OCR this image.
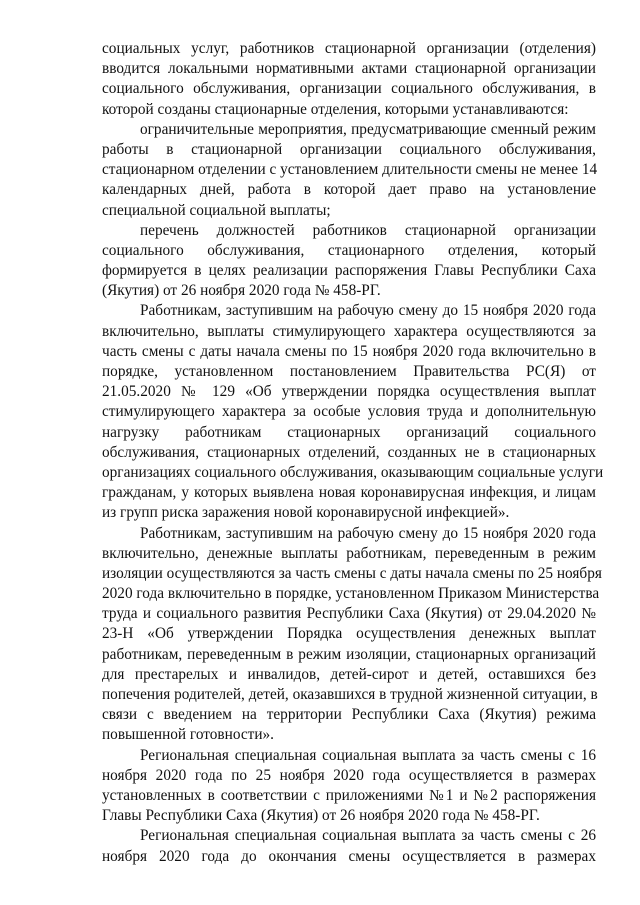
социальных услуг, работников стационарной организации (отделения)
вводится локальными нормативными актами стационарной организации
социального обслуживания, организации социального обслуживания, в
которой созданы стационарные отделения, которыми устанавливаются:

ограничительные мероприятия, предусматривающие сменный режим
работы в стационарной организации социального обслуживания,
стационарном отделении с установлением длительности смены не менее 14
календарных дней, работа в которой дает право на установление
специальной социальной выплаты;

перечень должностей работников стационарной организации
социального обслуживания, стационарного отделения, который
формируется в целях реализации распоряжения Главы Республики Саха
(Якутия) от 26 ноября 2020 года № 458-РГ.

Работникам, заступившим на рабочую смену до 15 ноября 2020 года
включительно, выплаты стимулирующего характера осуществляются за
часть смены с даты начала смены по 15 ноября 2020 года включительно в
порядке, установленном постановлением Правительства РС(Я) от
21.05.2020 № 129 «Об утверждении порядка осуществления выплат
стимулирующего характера за особые условия труда и дополнительную
нагрузку работникам стационарных организаций социального
обслуживания, стационарных отделений, созданных не в стационарных
организациях социального обслуживания, оказывающим социальные услуги
гражданам, у которых выявлена новая коронавирусная инфекция, и лицам
из групп риска заражения новой коронавирусной инфекцией».

Работникам, заступившим на рабочую смену до 15 ноября 2020 года
включительно, денежные выплаты работникам, переведенным в режим
изоляции осуществляются за часть смены с даты начала смены по 25 ноября
2020 года включительно в порядке, установленном Приказом Министерства
труда и социального развития Республики Саха (Якутия) от 29.04.2020 №
23-Н «Об утверждении Порядка осуществления денежных выплат
работникам, переведенным в режим изоляции, стационарных организаций
для престарелых и инвалидов, детей-сирот и детей, оставшихся без
попечения родителей, детей, оказавшихся в трудной жизненной ситуации, в
связи с введением на территории Республики Саха (Якутия) режима
повышенной готовности».

Региональная специальная социальная выплата за часть смены с 16
ноября 2020 года по 25 ноября 2020 года осуществляется в размерах
установленных в соответствии с приложениями №1 и №2 распоряжения
Главы Республики Саха (Якутия) от 26 ноября 2020 года № 458-РГ.

Региональная специальная социальная выплата за часть смены с 26
ноября 2020 года до окончания смены осуществляется в размерах
